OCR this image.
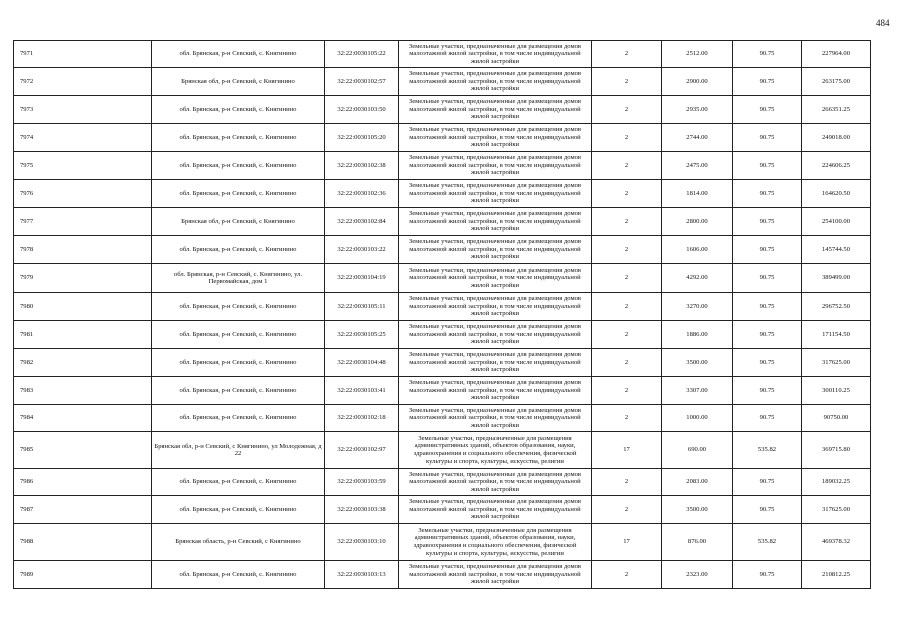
484
7971	обл. Брянская, р-н Севский, с. Княгинино	32:22:0030105:22	Земельные участки, предназначенные для размещения домов малоэтажной жилой застройки, в том числе индивидуальной жилой застройки	2	2512.00	90.75	227964.00
7972	Брянская обл, р-н Севский, с Княгинино	32:22:0030102:57	Земельные участки, предназначенные для размещения домов малоэтажной жилой застройки, в том числе индивидуальной жилой застройки	2	2900.00	90.75	263175.00
7973	обл. Брянская, р-н Севский, с. Княгинино	32:22:0030103:50	Земельные участки, предназначенные для размещения домов малоэтажной жилой застройки, в том числе индивидуальной жилой застройки	2	2935.00	90.75	266351.25
7974	обл. Брянская, р-н Севский, с. Княгинино	32:22:0030105:20	Земельные участки, предназначенные для размещения домов малоэтажной жилой застройки, в том числе индивидуальной жилой застройки	2	2744.00	90.75	249018.00
7975	обл. Брянская, р-н Севский, с. Княгинино	32:22:0030102:38	Земельные участки, предназначенные для размещения домов малоэтажной жилой застройки, в том числе индивидуальной жилой застройки	2	2475.00	90.75	224606.25
7976	обл. Брянская, р-н Севский, с. Княгинино	32:22:0030102:36	Земельные участки, предназначенные для размещения домов малоэтажной жилой застройки, в том числе индивидуальной жилой застройки	2	1814.00	90.75	164620.50
7977	Брянская обл, р-н Севский, с Княгинино	32:22:0030102:84	Земельные участки, предназначенные для размещения домов малоэтажной жилой застройки, в том числе индивидуальной жилой застройки	2	2800.00	90.75	254100.00
7978	обл. Брянская, р-н Севский, с. Княгинино	32:22:0030103:22	Земельные участки, предназначенные для размещения домов малоэтажной жилой застройки, в том числе индивидуальной жилой застройки	2	1606.00	90.75	145744.50
7979	обл. Брянская, р-н Севский, с. Княгинино, ул. Первомайская, дом 1	32:22:0030104:19	Земельные участки, предназначенные для размещения домов малоэтажной жилой застройки, в том числе индивидуальной жилой застройки	2	4292.00	90.75	389499.00
7980	обл. Брянская, р-н Севский, с. Княгинино	32:22:0030105:11	Земельные участки, предназначенные для размещения домов малоэтажной жилой застройки, в том числе индивидуальной жилой застройки	2	3270.00	90.75	296752.50
7981	обл. Брянская, р-н Севский, с. Княгинино	32:22:0030105:25	Земельные участки, предназначенные для размещения домов малоэтажной жилой застройки, в том числе индивидуальной жилой застройки	2	1886.00	90.75	171154.50
7982	обл. Брянская, р-н Севский, с. Княгинино	32:22:0030104:48	Земельные участки, предназначенные для размещения домов малоэтажной жилой застройки, в том числе индивидуальной жилой застройки	2	3500.00	90.75	317625.00
7983	обл. Брянская, р-н Севский, с. Княгинино	32:22:0030103:41	Земельные участки, предназначенные для размещения домов малоэтажной жилой застройки, в том числе индивидуальной жилой застройки	2	3307.00	90.75	300110.25
7984	обл. Брянская, р-н Севский, с. Княгинино	32:22:0030102:18	Земельные участки, предназначенные для размещения домов малоэтажной жилой застройки, в том числе индивидуальной жилой застройки	2	1000.00	90.75	90750.00
7985	Брянская обл, р-н Севский, с Княгинино, ул Молодежная, д 22	32:22:0030102:97	Земельные участки, предназначенные для размещения административных зданий, объектов образования, науки, здравоохранения и социального обеспечения, физической культуры и спорта, культуры, искусства, религии	17	690.00	535.82	369715.80
7986	обл. Брянская, р-н Севский, с. Княгинино	32:22:0030103:59	Земельные участки, предназначенные для размещения домов малоэтажной жилой застройки, в том числе индивидуальной жилой застройки	2	2083.00	90.75	189032.25
7987	обл. Брянская, р-н Севский, с. Княгинино	32:22:0030103:38	Земельные участки, предназначенные для размещения домов малоэтажной жилой застройки, в том числе индивидуальной жилой застройки	2	3500.00	90.75	317625.00
7988	Брянская область, р-н Севский, с Княгинино	32:22:0030103:10	Земельные участки, предназначенные для размещения административных зданий, объектов образования, науки, здравоохранения и социального обеспечения, физической культуры и спорта, культуры, искусства, религии	17	876.00	535.82	469378.32
7989	обл. Брянская, р-н Севский, с. Княгинино	32:22:0030103:13	Земельные участки, предназначенные для размещения домов малоэтажной жилой застройки, в том числе индивидуальной жилой застройки	2	2323.00	90.75	210812.25
